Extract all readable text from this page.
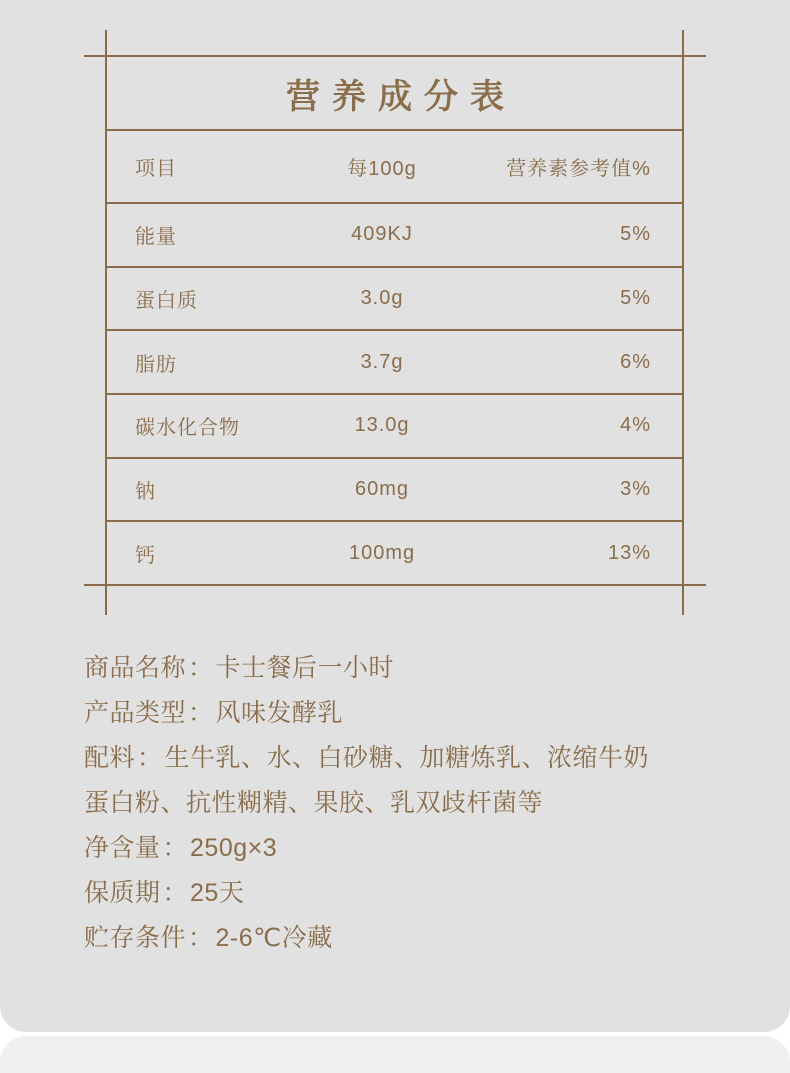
营养成分表
项目	每100g	营养素参考值%
能量	409KJ	5%
蛋白质	3.0g	5%
脂肪	3.7g	6%
碳水化合物	13.0g	4%
钠	60mg	3%
钙	100mg	13%
商品名称：卡士餐后一小时
产品类型：风味发酵乳
配料：生牛乳、水、白砂糖、加糖炼乳、浓缩牛奶蛋白粉、抗性糊精、果胶、乳双歧杆菌等
净含量：250g×3
保质期：25天
贮存条件：2-6℃冷藏
